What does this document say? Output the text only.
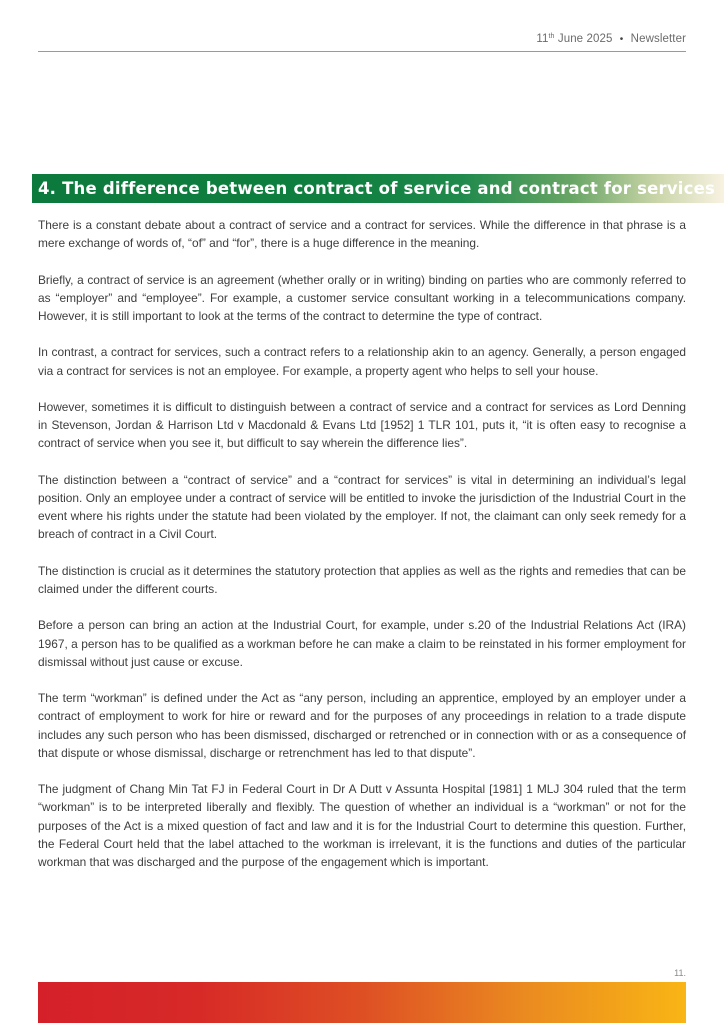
11th June 2025 • Newsletter
4. The difference between contract of service and contract for services

There is a constant debate about a contract of service and a contract for services. While the difference in that phrase is a mere exchange of words of, “of” and “for”, there is a huge difference in the meaning.

Briefly, a contract of service is an agreement (whether orally or in writing) binding on parties who are commonly referred to as “employer” and “employee”. For example, a customer service consultant working in a telecommunications company. However, it is still important to look at the terms of the contract to determine the type of contract.

In contrast, a contract for services, such a contract refers to a relationship akin to an agency. Generally, a person engaged via a contract for services is not an employee. For example, a property agent who helps to sell your house.

However, sometimes it is difficult to distinguish between a contract of service and a contract for services as Lord Denning in Stevenson, Jordan & Harrison Ltd v Macdonald & Evans Ltd [1952] 1 TLR 101, puts it, “it is often easy to recognise a contract of service when you see it, but difficult to say wherein the difference lies”.

The distinction between a “contract of service” and a “contract for services” is vital in determining an individual’s legal position. Only an employee under a contract of service will be entitled to invoke the jurisdiction of the Industrial Court in the event where his rights under the statute had been violated by the employer. If not, the claimant can only seek remedy for a breach of contract in a Civil Court.

The distinction is crucial as it determines the statutory protection that applies as well as the rights and remedies that can be claimed under the different courts.

Before a person can bring an action at the Industrial Court, for example, under s.20 of the Industrial Relations Act (IRA) 1967, a person has to be qualified as a workman before he can make a claim to be reinstated in his former employment for dismissal without just cause or excuse.

The term “workman” is defined under the Act as “any person, including an apprentice, employed by an employer under a contract of employment to work for hire or reward and for the purposes of any proceedings in relation to a trade dispute includes any such person who has been dismissed, discharged or retrenched or in connection with or as a consequence of that dispute or whose dismissal, discharge or retrenchment has led to that dispute”.

The judgment of Chang Min Tat FJ in Federal Court in Dr A Dutt v Assunta Hospital [1981] 1 MLJ 304 ruled that the term “workman” is to be interpreted liberally and flexibly. The question of whether an individual is a “workman” or not for the purposes of the Act is a mixed question of fact and law and it is for the Industrial Court to determine this question. Further, the Federal Court held that the label attached to the workman is irrelevant, it is the functions and duties of the particular workman that was discharged and the purpose of the engagement which is important.

11.
